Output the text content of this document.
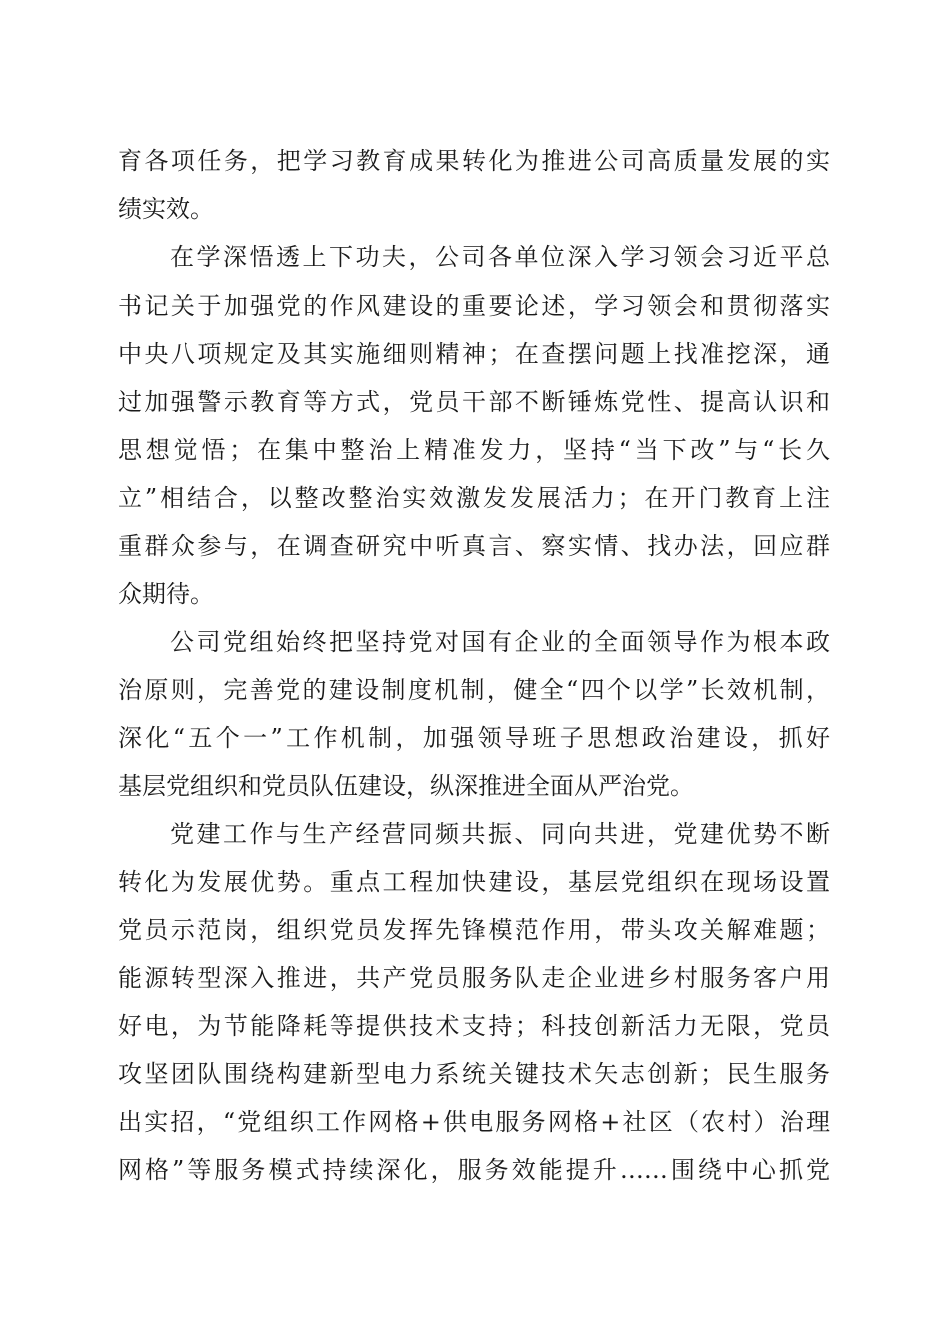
育各项任务，把学习教育成果转化为推进公司高质量发展的实

绩实效。

在学深悟透上下功夫，公司各单位深入学习领会习近平总

书记关于加强党的作风建设的重要论述，学习领会和贯彻落实

中央八项规定及其实施细则精神；在查摆问题上找准挖深，通

过加强警示教育等方式，党员干部不断锤炼党性、提高认识和

思想觉悟；在集中整治上精准发力，坚持“当下改”与“长久

立”相结合，以整改整治实效激发发展活力；在开门教育上注

重群众参与，在调查研究中听真言、察实情、找办法，回应群

众期待。

公司党组始终把坚持党对国有企业的全面领导作为根本政

治原则，完善党的建设制度机制，健全“四个以学”长效机制，

深化“五个一”工作机制，加强领导班子思想政治建设，抓好

基层党组织和党员队伍建设，纵深推进全面从严治党。

党建工作与生产经营同频共振、同向共进，党建优势不断

转化为发展优势。重点工程加快建设，基层党组织在现场设置

党员示范岗，组织党员发挥先锋模范作用，带头攻关解难题；

能源转型深入推进，共产党员服务队走企业进乡村服务客户用

好电，为节能降耗等提供技术支持；科技创新活力无限，党员

攻坚团队围绕构建新型电力系统关键技术矢志创新；民生服务

出实招，“党组织工作网格+供电服务网格+社区（农村）治理

网格”等服务模式持续深化，服务效能提升……围绕中心抓党
